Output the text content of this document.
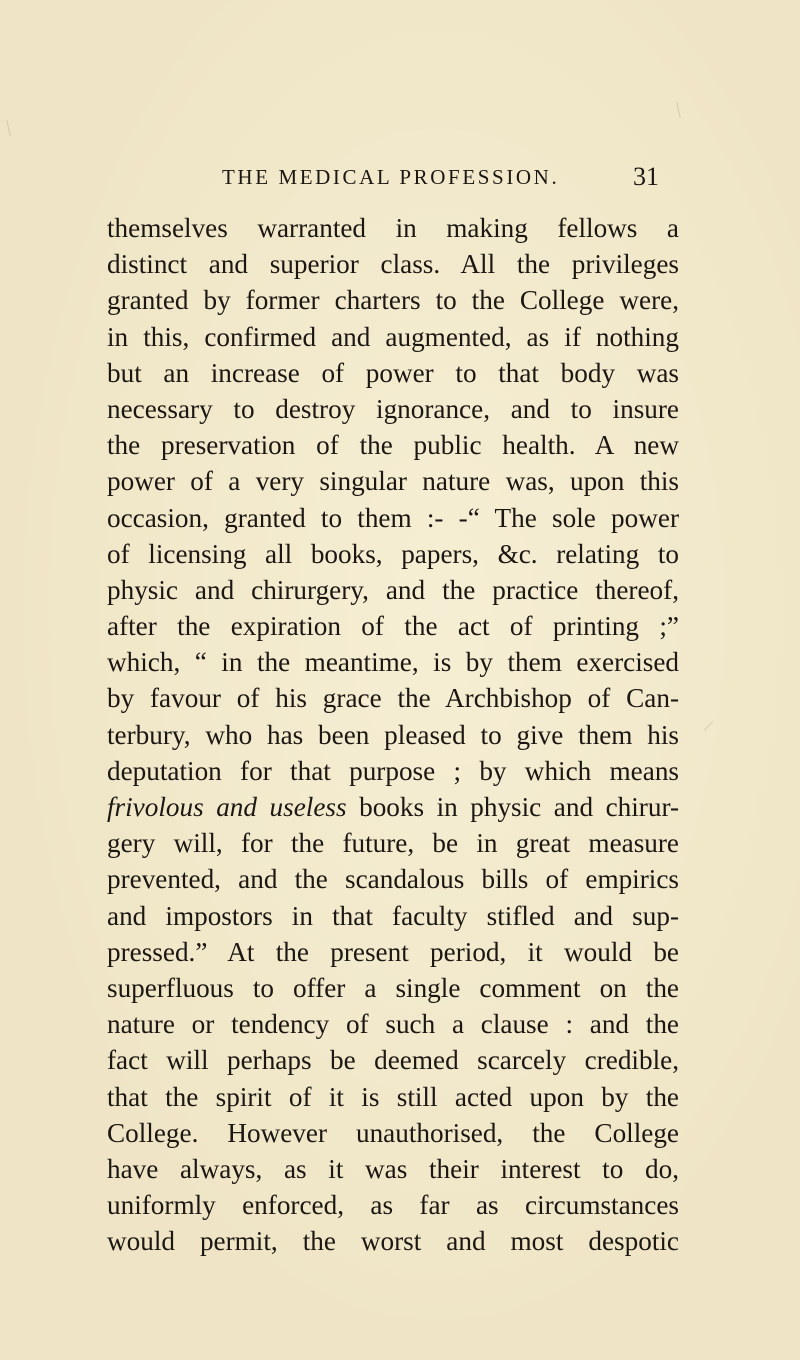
THE MEDICAL PROFESSION.	31
themselves warranted in making fellows a
distinct and superior class. All the privileges
granted by former charters to the College were,
in this, confirmed and augmented, as if nothing
but an increase of power to that body was
necessary to destroy ignorance, and to insure
the preservation of the public health. A new
power of a very singular nature was, upon this
occasion, granted to them :- -“ The sole power
of licensing all books, papers, &c. relating to
physic and chirurgery, and the practice thereof,
after the expiration of the act of printing ;”
which, “ in the meantime, is by them exercised
by favour of his grace the Archbishop of Can-
terbury, who has been pleased to give them his
deputation for that purpose ; by which means
frivolous and useless books in physic and chirur-
gery will, for the future, be in great measure
prevented, and the scandalous bills of empirics
and impostors in that faculty stifled and sup-
pressed.” At the present period, it would be
superfluous to offer a single comment on the
nature or tendency of such a clause : and the
fact will perhaps be deemed scarcely credible,
that the spirit of it is still acted upon by the
College. However unauthorised, the College
have always, as it was their interest to do,
uniformly enforced, as far as circumstances
would permit, the worst and most despotic
